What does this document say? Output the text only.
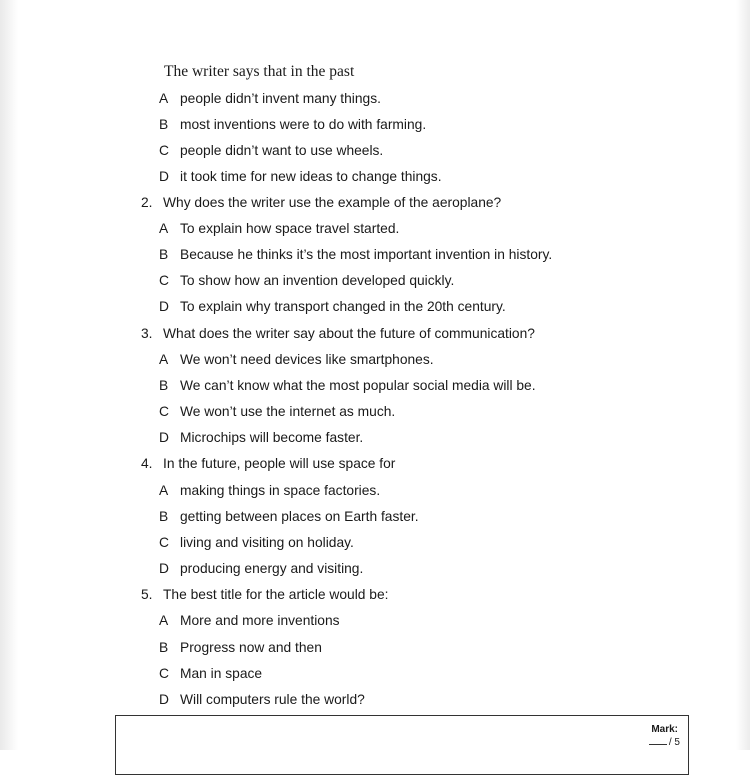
The writer says that in the past
A people didn’t invent many things.
B most inventions were to do with farming.
C people didn’t want to use wheels.
D it took time for new ideas to change things.
2. Why does the writer use the example of the aeroplane?
A To explain how space travel started.
B Because he thinks it’s the most important invention in history.
C To show how an invention developed quickly.
D To explain why transport changed in the 20th century.
3. What does the writer say about the future of communication?
A We won’t need devices like smartphones.
B We can’t know what the most popular social media will be.
C We won’t use the internet as much.
D Microchips will become faster.
4. In the future, people will use space for
A making things in space factories.
B getting between places on Earth faster.
C living and visiting on holiday.
D producing energy and visiting.
5. The best title for the article would be:
A More and more inventions
B Progress now and then
C Man in space
D Will computers rule the world?
Mark:
/ 5
